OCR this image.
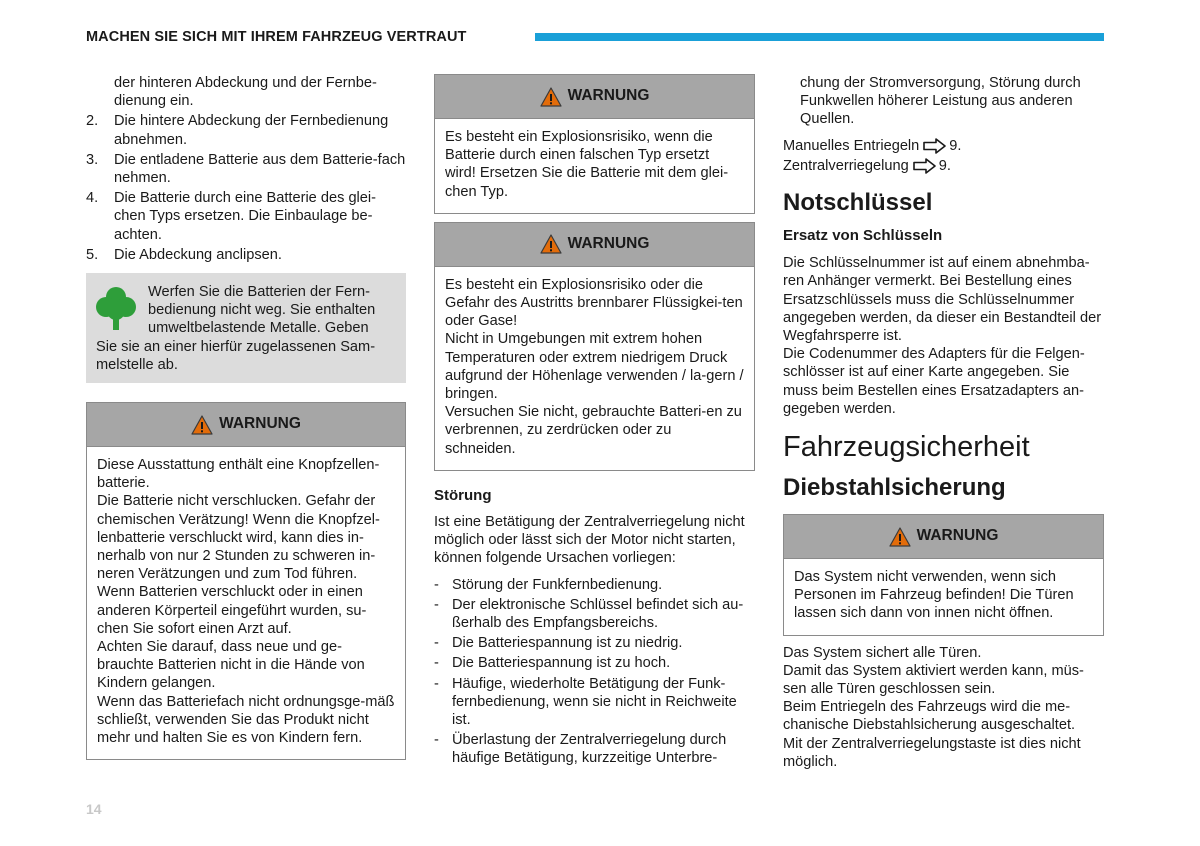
MACHEN SIE SICH MIT IHREM FAHRZEUG VERTRAUT

der hinteren Abdeckung und der Fernbe-dienung ein.

2. Die hintere Abdeckung der Fernbedienung abnehmen.
3. Die entladene Batterie aus dem Batterie-fach nehmen.
4. Die Batterie durch eine Batterie des glei-chen Typs ersetzen. Die Einbaulage be-achten.
5. Die Abdeckung anclipsen.
Werfen Sie die Batterien der Fern-bedienung nicht weg. Sie enthalten umweltbelastende Metalle. Geben Sie sie an einer hierfür zugelassenen Sam-melstelle ab.
WARNUNG

Diese Ausstattung enthält eine Knopfzellen-batterie.

Die Batterie nicht verschlucken. Gefahr der chemischen Verätzung! Wenn die Knopfzel-lenbatterie verschluckt wird, kann dies in-nerhalb von nur 2 Stunden zu schweren in-neren Verätzungen und zum Tod führen.

Wenn Batterien verschluckt oder in einen anderen Körperteil eingeführt wurden, su-chen Sie sofort einen Arzt auf.

Achten Sie darauf, dass neue und ge-brauchte Batterien nicht in die Hände von Kindern gelangen.

Wenn das Batteriefach nicht ordnungsge-mäß schließt, verwenden Sie das Produkt nicht mehr und halten Sie es von Kindern fern.

WARNUNG

Es besteht ein Explosionsrisiko, wenn die Batterie durch einen falschen Typ ersetzt wird! Ersetzen Sie die Batterie mit dem glei-chen Typ.

WARNUNG

Es besteht ein Explosionsrisiko oder die Gefahr des Austritts brennbarer Flüssigkei-ten oder Gase!

Nicht in Umgebungen mit extrem hohen Temperaturen oder extrem niedrigem Druck aufgrund der Höhenlage verwenden / la-gern / bringen.

Versuchen Sie nicht, gebrauchte Batteri-en zu verbrennen, zu zerdrücken oder zu schneiden.

Störung

Ist eine Betätigung der Zentralverriegelung nicht möglich oder lässt sich der Motor nicht starten, können folgende Ursachen vorliegen:

- Störung der Funkfernbedienung.
- Der elektronische Schlüssel befindet sich au-ßerhalb des Empfangsbereichs.
- Die Batteriespannung ist zu niedrig.
- Die Batteriespannung ist zu hoch.
- Häufige, wiederholte Betätigung der Funk-fernbedienung, wenn sie nicht in Reichweite ist.
- Überlastung der Zentralverriegelung durch häufige Betätigung, kurzzeitige Unterbre-

chung der Stromversorgung, Störung durch Funkwellen höherer Leistung aus anderen Quellen.

Manuelles Entriegeln 9.
Zentralverriegelung 9.
Notschlüssel
Ersatz von Schlüsseln

Die Schlüsselnummer ist auf einem abnehmba-ren Anhänger vermerkt. Bei Bestellung eines Ersatzschlüssels muss die Schlüsselnummer angegeben werden, da dieser ein Bestandteil der Wegfahrsperre ist.

Die Codenummer des Adapters für die Felgen-schlösser ist auf einer Karte angegeben. Sie muss beim Bestellen eines Ersatzadapters an-gegeben werden.

Fahrzeugsicherheit
Diebstahlsicherung
WARNUNG

Das System nicht verwenden, wenn sich Personen im Fahrzeug befinden! Die Türen lassen sich dann von innen nicht öffnen.

Das System sichert alle Türen.

Damit das System aktiviert werden kann, müs-sen alle Türen geschlossen sein.

Beim Entriegeln des Fahrzeugs wird die me-chanische Diebstahlsicherung ausgeschaltet.

Mit der Zentralverriegelungstaste ist dies nicht möglich.

14
